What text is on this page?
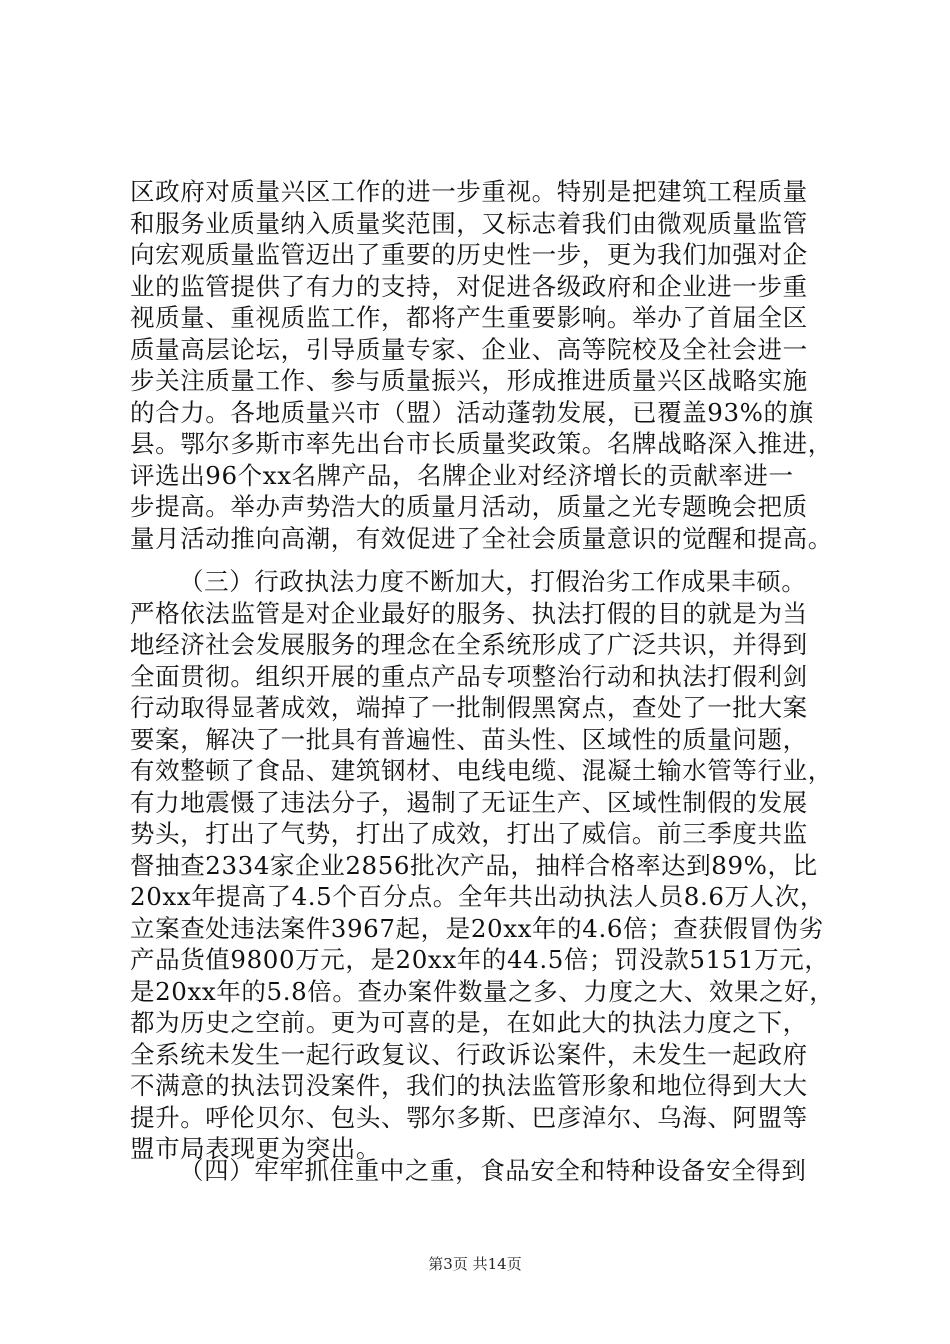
区政府对质量兴区工作的进一步重视。特别是把建筑工程质量
和服务业质量纳入质量奖范围，又标志着我们由微观质量监管
向宏观质量监管迈出了重要的历史性一步，更为我们加强对企
业的监管提供了有力的支持，对促进各级政府和企业进一步重
视质量、重视质监工作，都将产生重要影响。举办了首届全区
质量高层论坛，引导质量专家、企业、高等院校及全社会进一
步关注质量工作、参与质量振兴，形成推进质量兴区战略实施
的合力。各地质量兴市（盟）活动蓬勃发展，已覆盖93%的旗
县。鄂尔多斯市率先出台市长质量奖政策。名牌战略深入推进，
评选出96个xx名牌产品，名牌企业对经济增长的贡献率进一
步提高。举办声势浩大的质量月活动，质量之光专题晚会把质
量月活动推向高潮，有效促进了全社会质量意识的觉醒和提高。
（三）行政执法力度不断加大，打假治劣工作成果丰硕。
严格依法监管是对企业最好的服务、执法打假的目的就是为当
地经济社会发展服务的理念在全系统形成了广泛共识，并得到
全面贯彻。组织开展的重点产品专项整治行动和执法打假利剑
行动取得显著成效，端掉了一批制假黑窝点，查处了一批大案
要案，解决了一批具有普遍性、苗头性、区域性的质量问题，
有效整顿了食品、建筑钢材、电线电缆、混凝土输水管等行业，
有力地震慑了违法分子，遏制了无证生产、区域性制假的发展
势头，打出了气势，打出了成效，打出了威信。前三季度共监
督抽查2334家企业2856批次产品，抽样合格率达到89%，比
20xx年提高了4.5个百分点。全年共出动执法人员8.6万人次，
立案查处违法案件3967起，是20xx年的4.6倍；查获假冒伪劣
产品货值9800万元，是20xx年的44.5倍；罚没款5151万元，
是20xx年的5.8倍。查办案件数量之多、力度之大、效果之好，
都为历史之空前。更为可喜的是，在如此大的执法力度之下，
全系统未发生一起行政复议、行政诉讼案件，未发生一起政府
不满意的执法罚没案件，我们的执法监管形象和地位得到大大
提升。呼伦贝尔、包头、鄂尔多斯、巴彦淖尔、乌海、阿盟等
盟市局表现更为突出。
（四）牢牢抓住重中之重，食品安全和特种设备安全得到
第3页 共14页
